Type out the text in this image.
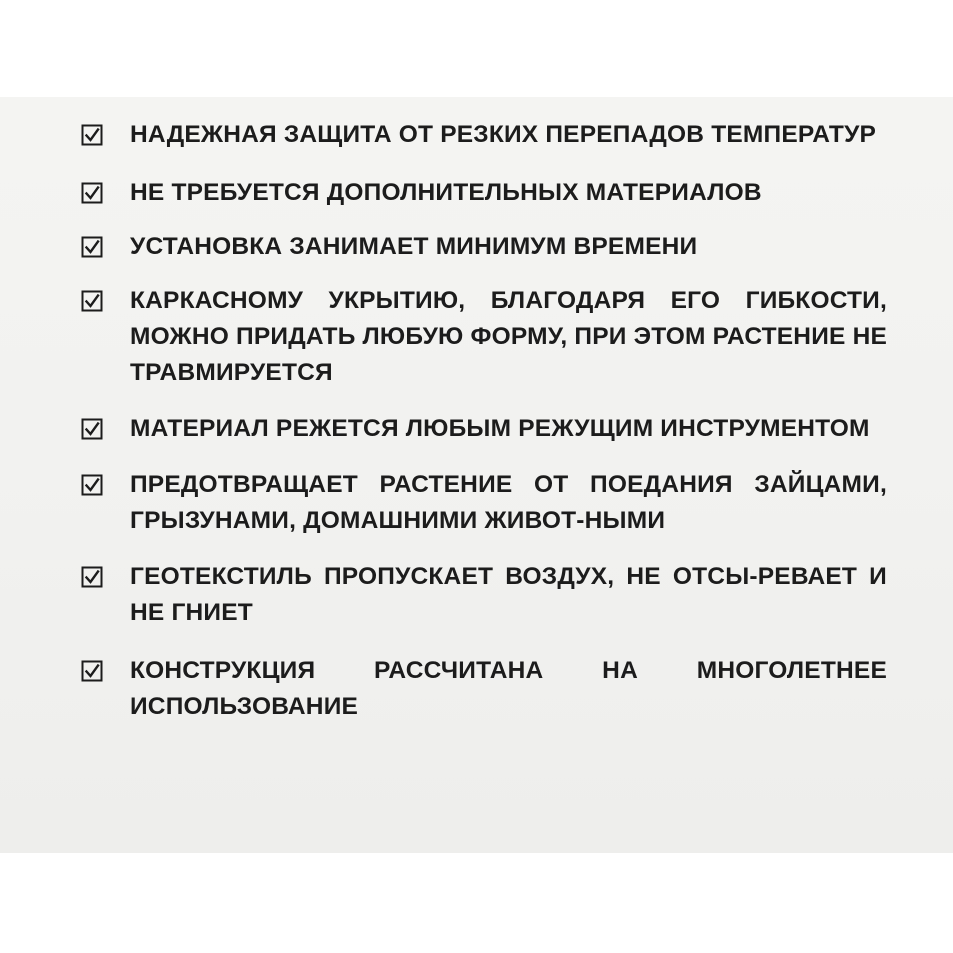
НАДЕЖНАЯ ЗАЩИТА ОТ РЕЗКИХ ПЕРЕПАДОВ ТЕМПЕРАТУР
НЕ ТРЕБУЕТСЯ ДОПОЛНИТЕЛЬНЫХ МАТЕРИАЛОВ
УСТАНОВКА ЗАНИМАЕТ МИНИМУМ ВРЕМЕНИ
КАРКАСНОМУ УКРЫТИЮ, БЛАГОДАРЯ ЕГО ГИБКОСТИ, МОЖНО ПРИДАТЬ ЛЮБУЮ ФОРМУ, ПРИ ЭТОМ РАСТЕНИЕ НЕ ТРАВМИРУЕТСЯ
МАТЕРИАЛ РЕЖЕТСЯ ЛЮБЫМ РЕЖУЩИМ ИНСТРУМЕНТОМ
ПРЕДОТВРАЩАЕТ РАСТЕНИЕ ОТ ПОЕДАНИЯ ЗАЙЦАМИ, ГРЫЗУНАМИ, ДОМАШНИМИ ЖИВОТ-НЫМИ
ГЕОТЕКСТИЛЬ ПРОПУСКАЕТ ВОЗДУХ, НЕ ОТСЫ-РЕВАЕТ И НЕ ГНИЕТ
КОНСТРУКЦИЯ РАССЧИТАНА НА МНОГОЛЕТНЕЕ ИСПОЛЬЗОВАНИЕ
